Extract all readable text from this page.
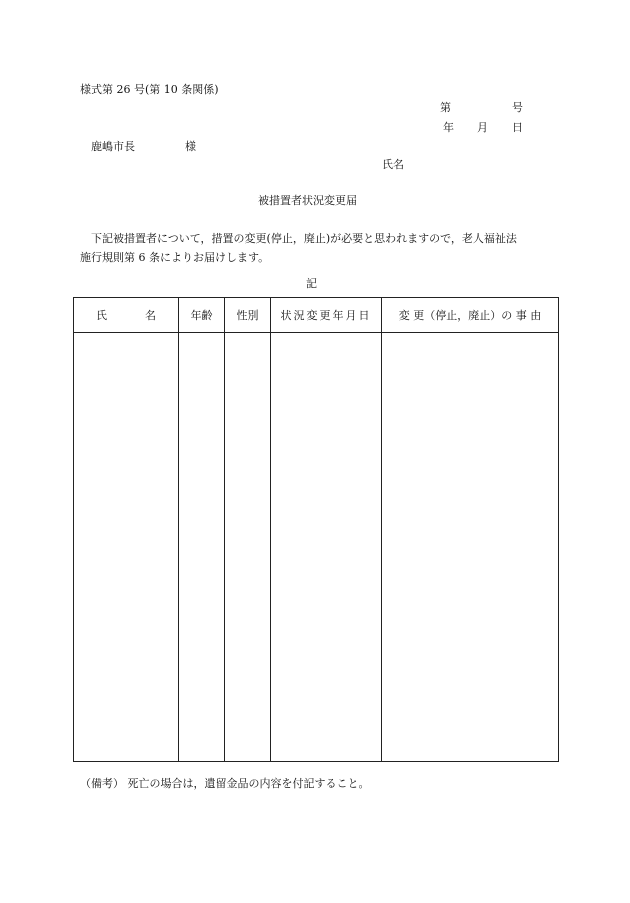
様式第 26 号(第 10 条関係)
第	号
年 月 日
鹿嶋市長	様
氏名
被措置者状況変更届
下記被措置者について，措置の変更(停止，廃止)が必要と思われますので，老人福祉法
施行規則第 6 条によりお届けします。
記
氏名	年齢	性別	状況変更年月日	変 更（停止，廃止）の 事 由

（備考） 死亡の場合は，遺留金品の内容を付記すること。
